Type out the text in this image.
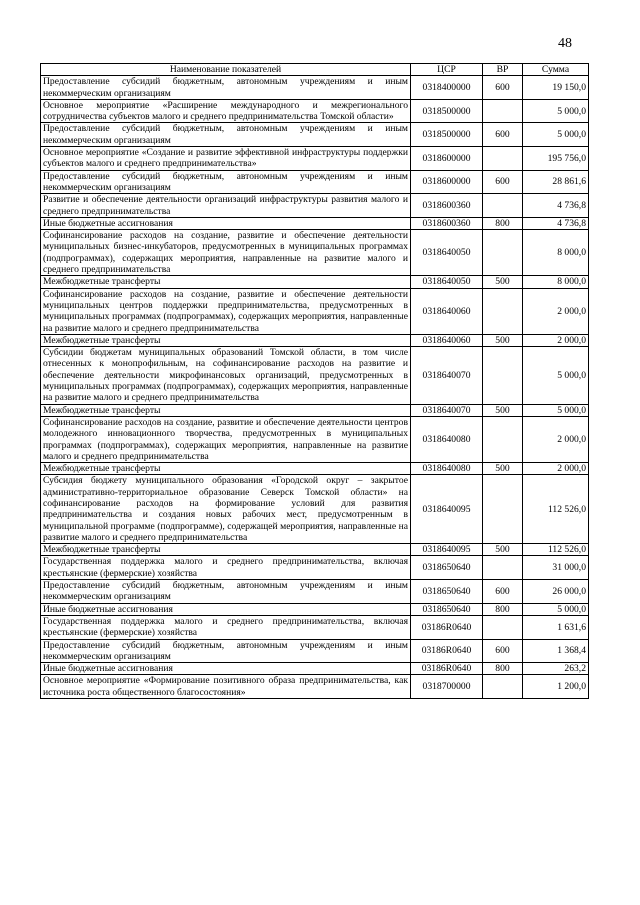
48
Наименование показателей	ЦСР	ВР	Сумма
Предоставление субсидий бюджетным, автономным учреждениям и иным некоммерческим организациям	0318400000	600	19 150,0
Основное мероприятие «Расширение международного и межрегионального сотрудничества субъектов малого и среднего предпринимательства Томской области»	0318500000		5 000,0
Предоставление субсидий бюджетным, автономным учреждениям и иным некоммерческим организациям	0318500000	600	5 000,0
Основное мероприятие «Создание и развитие эффективной инфраструктуры поддержки субъектов малого и среднего предпринимательства»	0318600000		195 756,0
Предоставление субсидий бюджетным, автономным учреждениям и иным некоммерческим организациям	0318600000	600	28 861,6
Развитие и обеспечение деятельности организаций инфраструктуры развития малого и среднего предпринимательства	0318600360		4 736,8
Иные бюджетные ассигнования	0318600360	800	4 736,8
Софинансирование расходов на создание, развитие и обеспечение деятельности муниципальных бизнес-инкубаторов, предусмотренных в муниципальных программах (подпрограммах), содержащих мероприятия, направленные на развитие малого и среднего предпринимательства	0318640050		8 000,0
Межбюджетные трансферты	0318640050	500	8 000,0
Софинансирование расходов на создание, развитие и обеспечение деятельности муниципальных центров поддержки предпринимательства, предусмотренных в муниципальных программах (подпрограммах), содержащих мероприятия, направленные на развитие малого и среднего предпринимательства	0318640060		2 000,0
Межбюджетные трансферты	0318640060	500	2 000,0
Субсидии бюджетам муниципальных образований Томской области, в том числе отнесенных к монопрофильным, на софинансирование расходов на развитие и обеспечение деятельности микрофинансовых организаций, предусмотренных в муниципальных программах (подпрограммах), содержащих мероприятия, направленные на развитие малого и среднего предпринимательства	0318640070		5 000,0
Межбюджетные трансферты	0318640070	500	5 000,0
Софинансирование расходов на создание, развитие и обеспечение деятельности центров молодежного инновационного творчества, предусмотренных в муниципальных программах (подпрограммах), содержащих мероприятия, направленные на развитие малого и среднего предпринимательства	0318640080		2 000,0
Межбюджетные трансферты	0318640080	500	2 000,0
Субсидия бюджету муниципального образования «Городской округ – закрытое административно-территориальное образование Северск Томской области» на софинансирование расходов на формирование условий для развития предпринимательства и создания новых рабочих мест, предусмотренным в муниципальной программе (подпрограмме), содержащей мероприятия, направленные на развитие малого и среднего предпринимательства	0318640095		112 526,0
Межбюджетные трансферты	0318640095	500	112 526,0
Государственная поддержка малого и среднего предпринимательства, включая крестьянские (фермерские) хозяйства	0318650640		31 000,0
Предоставление субсидий бюджетным, автономным учреждениям и иным некоммерческим организациям	0318650640	600	26 000,0
Иные бюджетные ассигнования	0318650640	800	5 000,0
Государственная поддержка малого и среднего предпринимательства, включая крестьянские (фермерские) хозяйства	03186R0640		1 631,6
Предоставление субсидий бюджетным, автономным учреждениям и иным некоммерческим организациям	03186R0640	600	1 368,4
Иные бюджетные ассигнования	03186R0640	800	263,2
Основное мероприятие «Формирование позитивного образа предпринимательства, как источника роста общественного благосостояния»	0318700000		1 200,0
